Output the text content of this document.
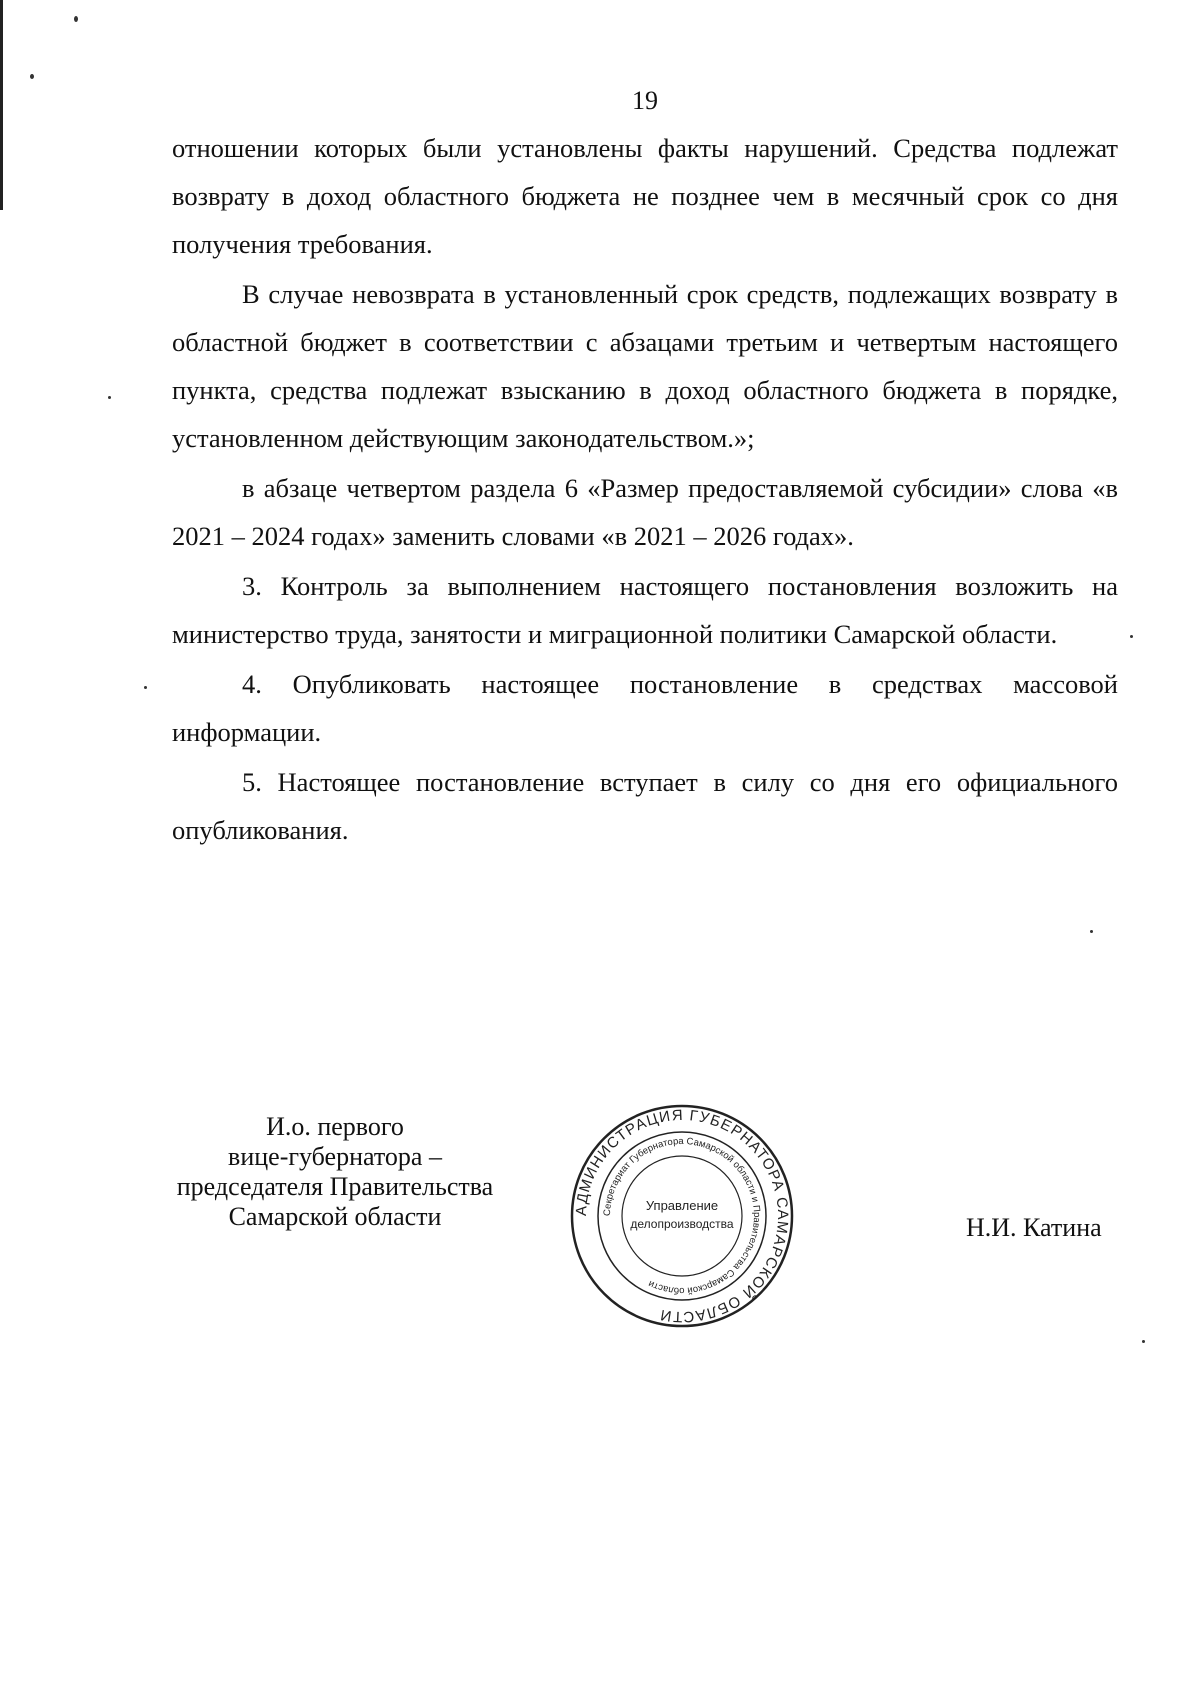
19

отношении которых были установлены факты нарушений. Средства подлежат возврату в доход областного бюджета не позднее чем в месячный срок со дня получения требования.

В случае невозврата в установленный срок средств, подлежащих возврату в областной бюджет в соответствии с абзацами третьим и четвертым настоящего пункта, средства подлежат взысканию в доход областного бюджета в порядке, установленном действующим законодательством.»;

в абзаце четвертом раздела 6 «Размер предоставляемой субсидии» слова «в 2021 – 2024 годах» заменить словами «в 2021 – 2026 годах».

3. Контроль за выполнением настоящего постановления возложить на министерство труда, занятости и миграционной политики Самарской области.

4. Опубликовать настоящее постановление в средствах массовой информации.

5. Настоящее постановление вступает в силу со дня его официального опубликования.

И.о. первого
вице-губернатора –
председателя Правительства
Самарской области	АДМИНИСТРАЦИЯ ГУБЕРНАТОРА САМАРСКОЙ ОБЛАСТИ
Секретариат Губернатора Самарской области и Правительства Самарской области
Управление
делопроизводства	Н.И. Катина
